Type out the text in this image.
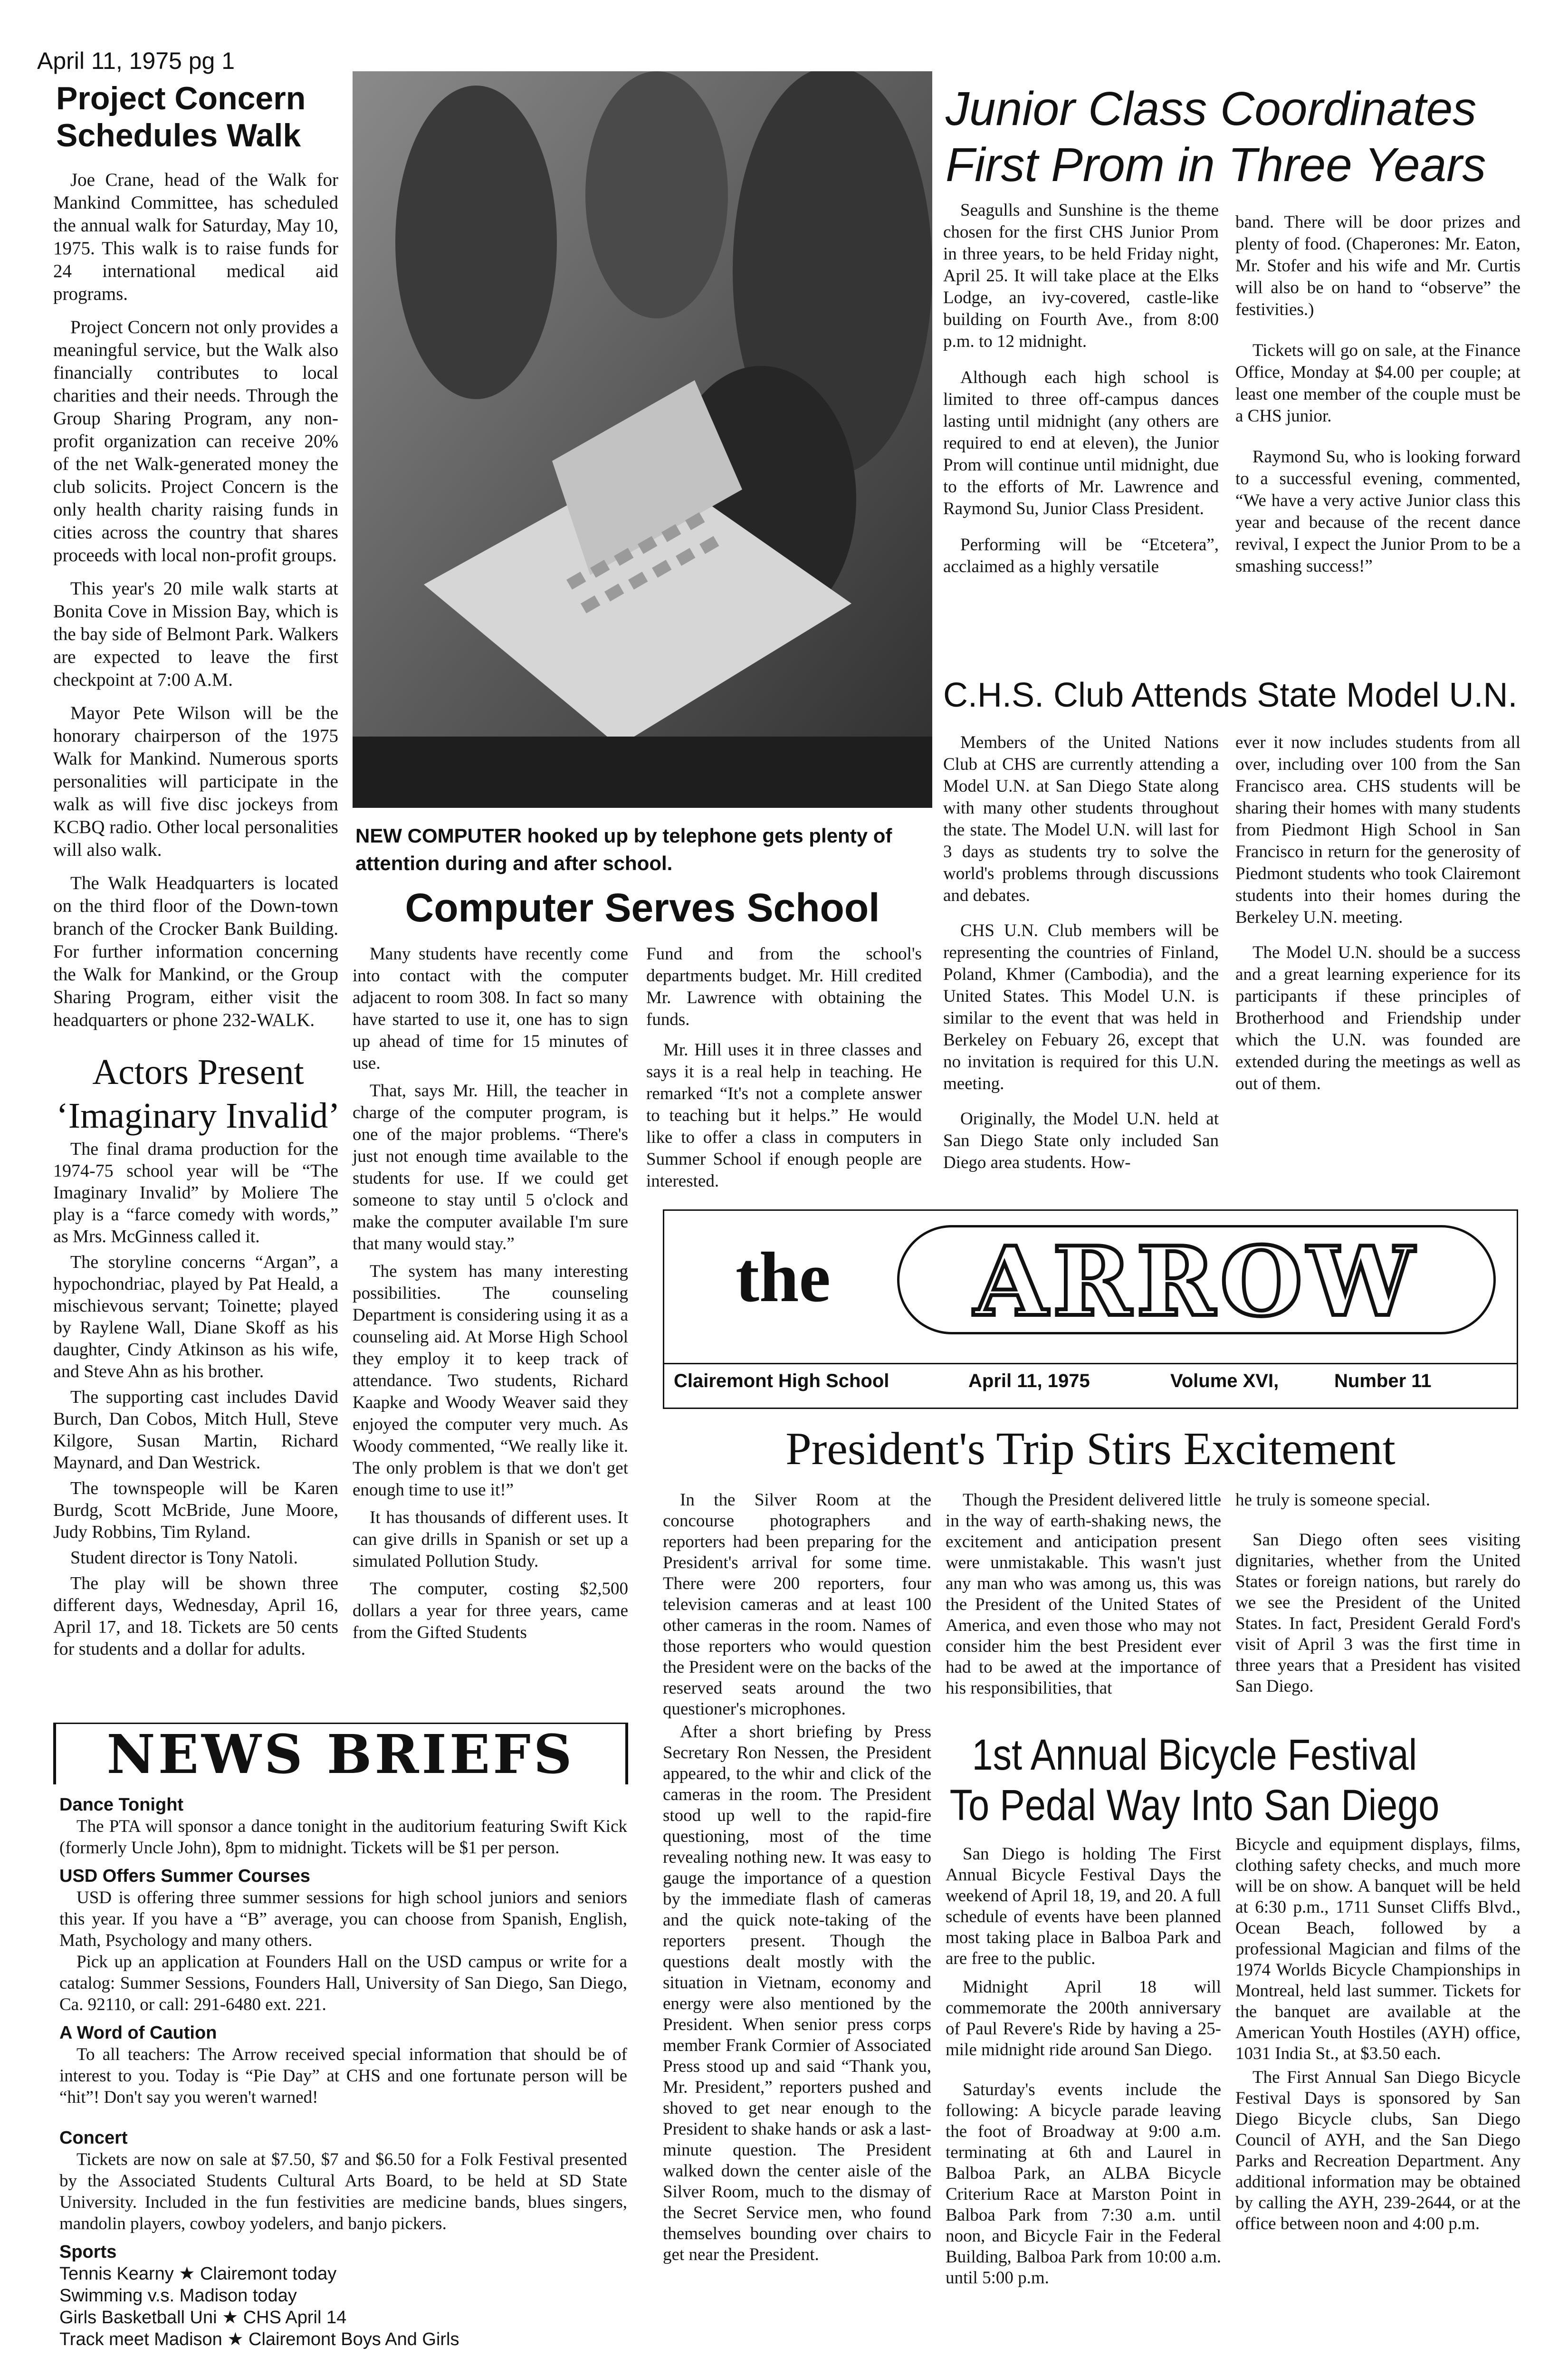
April 11, 1975 pg 1
Project Concern Schedules Walk

Joe Crane, head of the Walk for Mankind Committee, has scheduled the annual walk for Saturday, May 10, 1975. This walk is to raise funds for 24 international medical aid programs.

Project Concern not only provides a meaningful service, but the Walk also financially contributes to local charities and their needs. Through the Group Sharing Program, any non-profit organization can receive 20% of the net Walk-generated money the club solicits. Project Concern is the only health charity raising funds in cities across the country that shares proceeds with local non-profit groups.

This year's 20 mile walk starts at Bonita Cove in Mission Bay, which is the bay side of Belmont Park. Walkers are expected to leave the first checkpoint at 7:00 A.M.

Mayor Pete Wilson will be the honorary chairperson of the 1975 Walk for Mankind. Numerous sports personalities will participate in the walk as will five disc jockeys from KCBQ radio. Other local personalities will also walk.

The Walk Headquarters is located on the third floor of the Down-town branch of the Crocker Bank Building. For further information concerning the Walk for Mankind, or the Group Sharing Program, either visit the headquarters or phone 232-WALK.

Actors Present
‘Imaginary Invalid’

The final drama production for the 1974-75 school year will be “The Imaginary Invalid” by Moliere The play is a “farce comedy with words,” as Mrs. McGinness called it.

The storyline concerns “Argan”, a hypochondriac, played by Pat Heald, a mischievous servant; Toinette; played by Raylene Wall, Diane Skoff as his daughter, Cindy Atkinson as his wife, and Steve Ahn as his brother.

The supporting cast includes David Burch, Dan Cobos, Mitch Hull, Steve Kilgore, Susan Martin, Richard Maynard, and Dan Westrick.

The townspeople will be Karen Burdg, Scott McBride, June Moore, Judy Robbins, Tim Ryland.

Student director is Tony Natoli.

The play will be shown three different days, Wednesday, April 16, April 17, and 18. Tickets are 50 cents for students and a dollar for adults.

NEW COMPUTER hooked up by telephone gets plenty of attention during and after school.
Computer Serves School

Many students have recently come into contact with the computer adjacent to room 308. In fact so many have started to use it, one has to sign up ahead of time for 15 minutes of use.

That, says Mr. Hill, the teacher in charge of the computer program, is one of the major problems. “There's just not enough time available to the students for use. If we could get someone to stay until 5 o'clock and make the computer available I'm sure that many would stay.”

The system has many interesting possibilities. The counseling Department is considering using it as a counseling aid. At Morse High School they employ it to keep track of attendance. Two students, Richard Kaapke and Woody Weaver said they enjoyed the computer very much. As Woody commented, “We really like it. The only problem is that we don't get enough time to use it!”

It has thousands of different uses. It can give drills in Spanish or set up a simulated Pollution Study.

The computer, costing $2,500 dollars a year for three years, came from the Gifted Students

Fund and from the school's departments budget. Mr. Hill credited Mr. Lawrence with obtaining the funds.

Mr. Hill uses it in three classes and says it is a real help in teaching. He remarked “It's not a complete answer to teaching but it helps.” He would like to offer a class in computers in Summer School if enough people are interested.

Junior Class Coordinates
First Prom in Three Years

Seagulls and Sunshine is the theme chosen for the first CHS Junior Prom in three years, to be held Friday night, April 25. It will take place at the Elks Lodge, an ivy-covered, castle-like building on Fourth Ave., from 8:00 p.m. to 12 midnight.

Although each high school is limited to three off-campus dances lasting until midnight (any others are required to end at eleven), the Junior Prom will continue until midnight, due to the efforts of Mr. Lawrence and Raymond Su, Junior Class President.

Performing will be “Etcetera”, acclaimed as a highly versatile

band. There will be door prizes and plenty of food. (Chaperones: Mr. Eaton, Mr. Stofer and his wife and Mr. Curtis will also be on hand to “observe” the festivities.)

Tickets will go on sale, at the Finance Office, Monday at $4.00 per couple; at least one member of the couple must be a CHS junior.

Raymond Su, who is looking forward to a successful evening, commented, “We have a very active Junior class this year and because of the recent dance revival, I expect the Junior Prom to be a smashing success!”

C.H.S. Club Attends State Model U.N.

Members of the United Nations Club at CHS are currently attending a Model U.N. at San Diego State along with many other students throughout the state. The Model U.N. will last for 3 days as students try to solve the world's problems through discussions and debates.

CHS U.N. Club members will be representing the countries of Finland, Poland, Khmer (Cambodia), and the United States. This Model U.N. is similar to the event that was held in Berkeley on Febuary 26, except that no invitation is required for this U.N. meeting.

Originally, the Model U.N. held at San Diego State only included San Diego area students. How-

ever it now includes students from all over, including over 100 from the San Francisco area. CHS students will be sharing their homes with many students from Piedmont High School in San Francisco in return for the generosity of Piedmont students who took Clairemont students into their homes during the Berkeley U.N. meeting.

The Model U.N. should be a success and a great learning experience for its participants if these principles of Brotherhood and Friendship under which the U.N. was founded are extended during the meetings as well as out of them.

the	ARROW
Clairemont High School	April 11, 1975	Volume XVI,	Number 11
President's Trip Stirs Excitement

In the Silver Room at the concourse photographers and reporters had been preparing for the President's arrival for some time. There were 200 reporters, four television cameras and at least 100 other cameras in the room. Names of those reporters who would question the President were on the backs of the reserved seats around the two questioner's microphones.

After a short briefing by Press Secretary Ron Nessen, the President appeared, to the whir and click of the cameras in the room. The President stood up well to the rapid-fire questioning, most of the time revealing nothing new. It was easy to gauge the importance of a question by the immediate flash of cameras and the quick note-taking of the reporters present. Though the questions dealt mostly with the situation in Vietnam, economy and energy were also mentioned by the President. When senior press corps member Frank Cormier of Associated Press stood up and said “Thank you, Mr. President,” reporters pushed and shoved to get near enough to the President to shake hands or ask a last-minute question. The President walked down the center aisle of the Silver Room, much to the dismay of the Secret Service men, who found themselves bounding over chairs to get near the President.

Though the President delivered little in the way of earth-shaking news, the excitement and anticipation present were unmistakable. This wasn't just any man who was among us, this was the President of the United States of America, and even those who may not consider him the best President ever had to be awed at the importance of his responsibilities, that

he truly is someone special.

San Diego often sees visiting dignitaries, whether from the United States or foreign nations, but rarely do we see the President of the United States. In fact, President Gerald Ford's visit of April 3 was the first time in three years that a President has visited San Diego.

1st Annual Bicycle Festival
To Pedal Way Into San Diego

San Diego is holding The First Annual Bicycle Festival Days the weekend of April 18, 19, and 20. A full schedule of events have been planned most taking place in Balboa Park and are free to the public.

Midnight April 18 will commemorate the 200th anniversary of Paul Revere's Ride by having a 25-mile midnight ride around San Diego.

Saturday's events include the following: A bicycle parade leaving the foot of Broadway at 9:00 a.m. terminating at 6th and Laurel in Balboa Park, an ALBA Bicycle Criterium Race at Marston Point in Balboa Park from 7:30 a.m. until noon, and Bicycle Fair in the Federal Building, Balboa Park from 10:00 a.m. until 5:00 p.m.

Bicycle and equipment displays, films, clothing safety checks, and much more will be on show. A banquet will be held at 6:30 p.m., 1711 Sunset Cliffs Blvd., Ocean Beach, followed by a professional Magician and films of the 1974 Worlds Bicycle Championships in Montreal, held last summer. Tickets for the banquet are available at the American Youth Hostiles (AYH) office, 1031 India St., at $3.50 each.

The First Annual San Diego Bicycle Festival Days is sponsored by San Diego Bicycle clubs, San Diego Council of AYH, and the San Diego Parks and Recreation Department. Any additional information may be obtained by calling the AYH, 239-2644, or at the office between noon and 4:00 p.m.

NEWS BRIEFS
Dance Tonight

The PTA will sponsor a dance tonight in the auditorium featuring Swift Kick (formerly Uncle John), 8pm to midnight. Tickets will be $1 per person.

USD Offers Summer Courses

USD is offering three summer sessions for high school juniors and seniors this year. If you have a “B” average, you can choose from Spanish, English, Math, Psychology and many others.

Pick up an application at Founders Hall on the USD campus or write for a catalog: Summer Sessions, Founders Hall, University of San Diego, San Diego, Ca. 92110, or call: 291-6480 ext. 221.

A Word of Caution

To all teachers: The Arrow received special information that should be of interest to you. Today is “Pie Day” at CHS and one fortunate person will be “hit”! Don't say you weren't warned!

Concert

Tickets are now on sale at $7.50, $7 and $6.50 for a Folk Festival presented by the Associated Students Cultural Arts Board, to be held at SD State University. Included in the fun festivities are medicine bands, blues singers, mandolin players, cowboy yodelers, and banjo pickers.

Sports
Tennis Kearny ★ Clairemont today
Swimming v.s. Madison today
Girls Basketball Uni ★ CHS April 14
Track meet Madison ★ Clairemont Boys And Girls
